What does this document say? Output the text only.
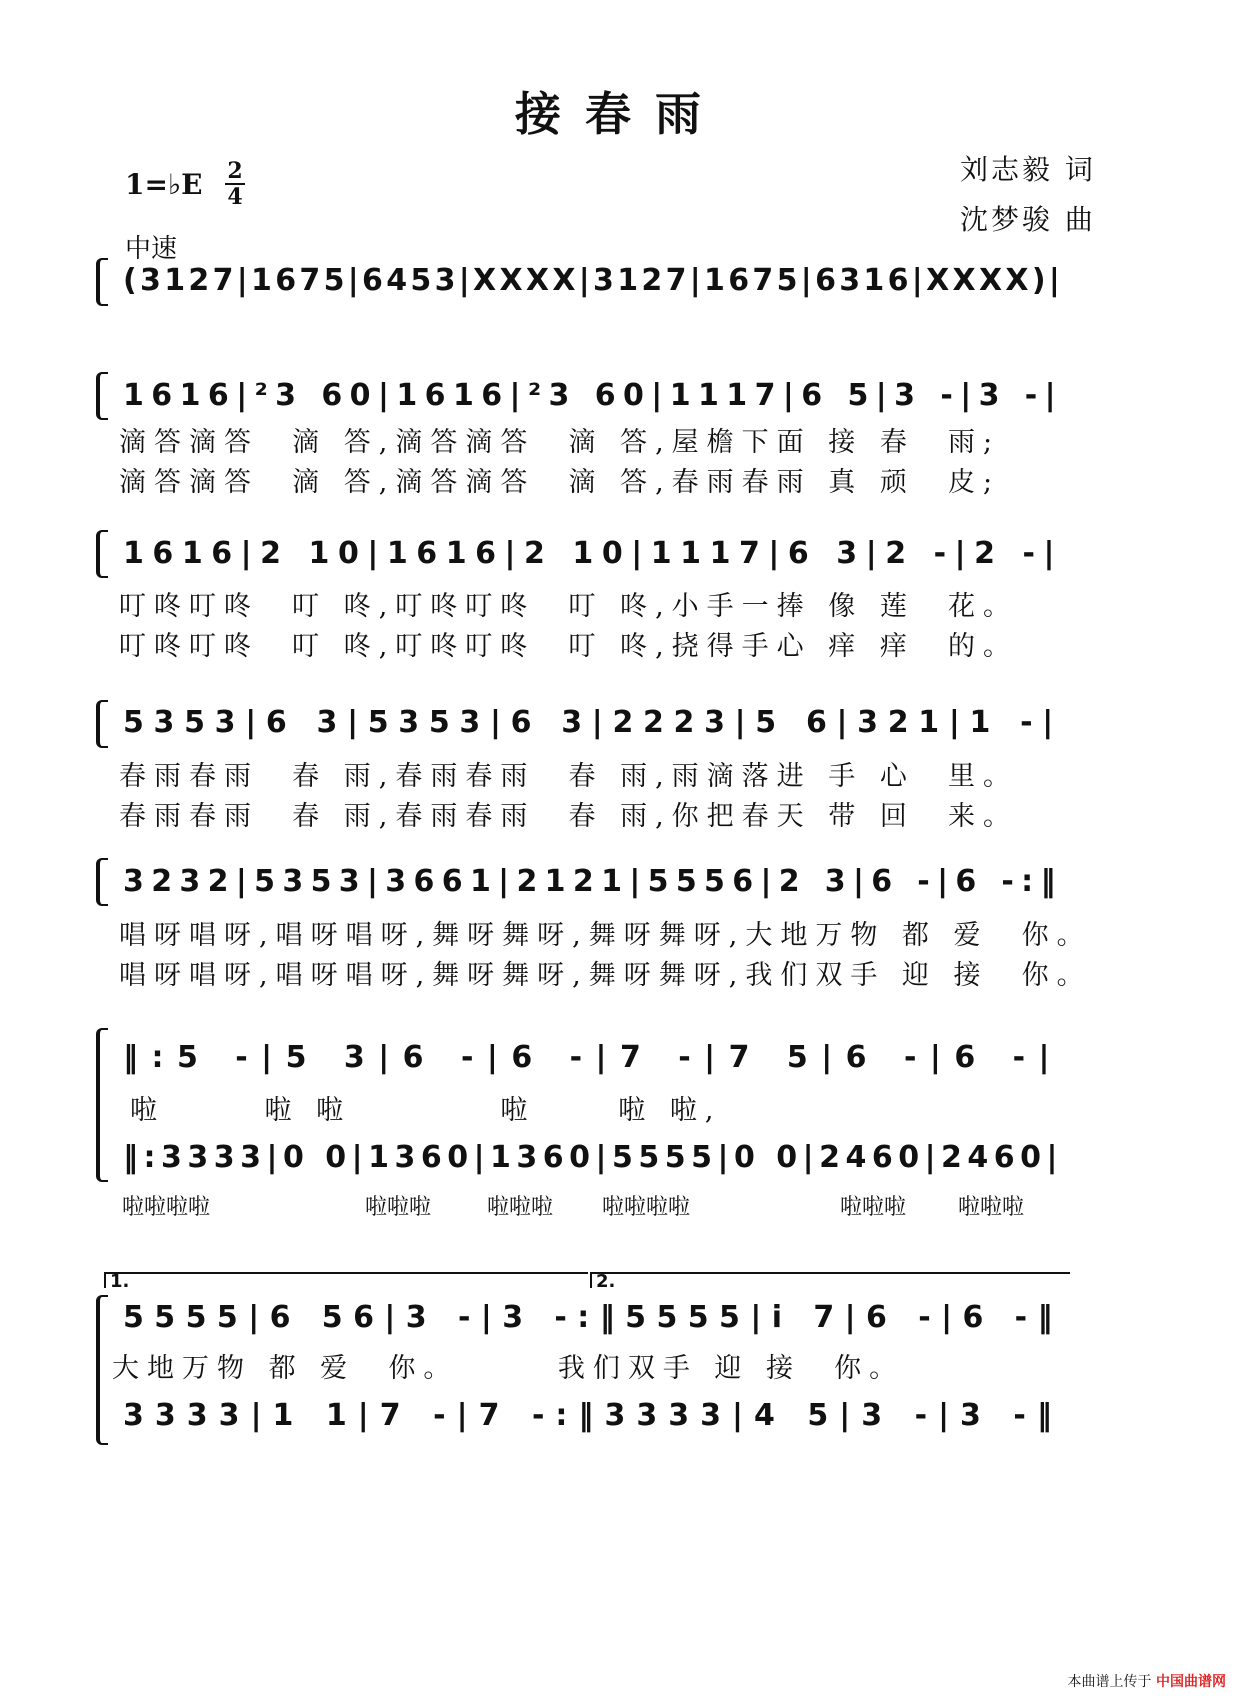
接春雨
1=♭E 2
4
中速
刘志毅 词
沈梦骏 曲
(3127|1675|6453|XXXX|3127|1675|6316|XXXX)|
1616|²3 60|1616|²3 60|1117|6 5|3 -|3 -|
滴答滴答  滴 答,滴答滴答  滴 答,屋檐下面 接 春  雨;
滴答滴答  滴 答,滴答滴答  滴 答,春雨春雨 真 顽  皮;
1616|2 10|1616|2 10|1117|6 3|2 -|2 -|
叮咚叮咚  叮 咚,叮咚叮咚  叮 咚,小手一捧 像 莲  花。
叮咚叮咚  叮 咚,叮咚叮咚  叮 咚,挠得手心 痒 痒  的。
5353|6 3|5353|6 3|2223|5 6|321|1 -|
春雨春雨  春 雨,春雨春雨  春 雨,雨滴落进 手 心  里。
春雨春雨  春 雨,春雨春雨  春 雨,你把春天 带 回  来。
3232|5353|3661|2121|5556|2 3|6 -|6 -:‖
唱呀唱呀,唱呀唱呀,舞呀舞呀,舞呀舞呀,大地万物 都 爱  你。
唱呀唱呀,唱呀唱呀,舞呀舞呀,舞呀舞呀,我们双手 迎 接  你。
‖:5 -|5 3|6 -|6 -|7 -|7 5|6 -|6 -|
啦      啦 啦         啦     啦 啦,
‖:3333|0 0|1360|1360|5555|0 0|2460|2460|
啦啦啦啦	啦啦啦	啦啦啦 啦啦啦啦	啦啦啦 啦啦啦
1.	2.
5555|6 56|3 -|3 -:‖5555|i 7|6 -|6 -‖
大地万物 都 爱  你。      我们双手 迎 接  你。
3333|1 1|7 -|7 -:‖3333|4 5|3 -|3 -‖
本曲谱上传于 中国曲谱网
